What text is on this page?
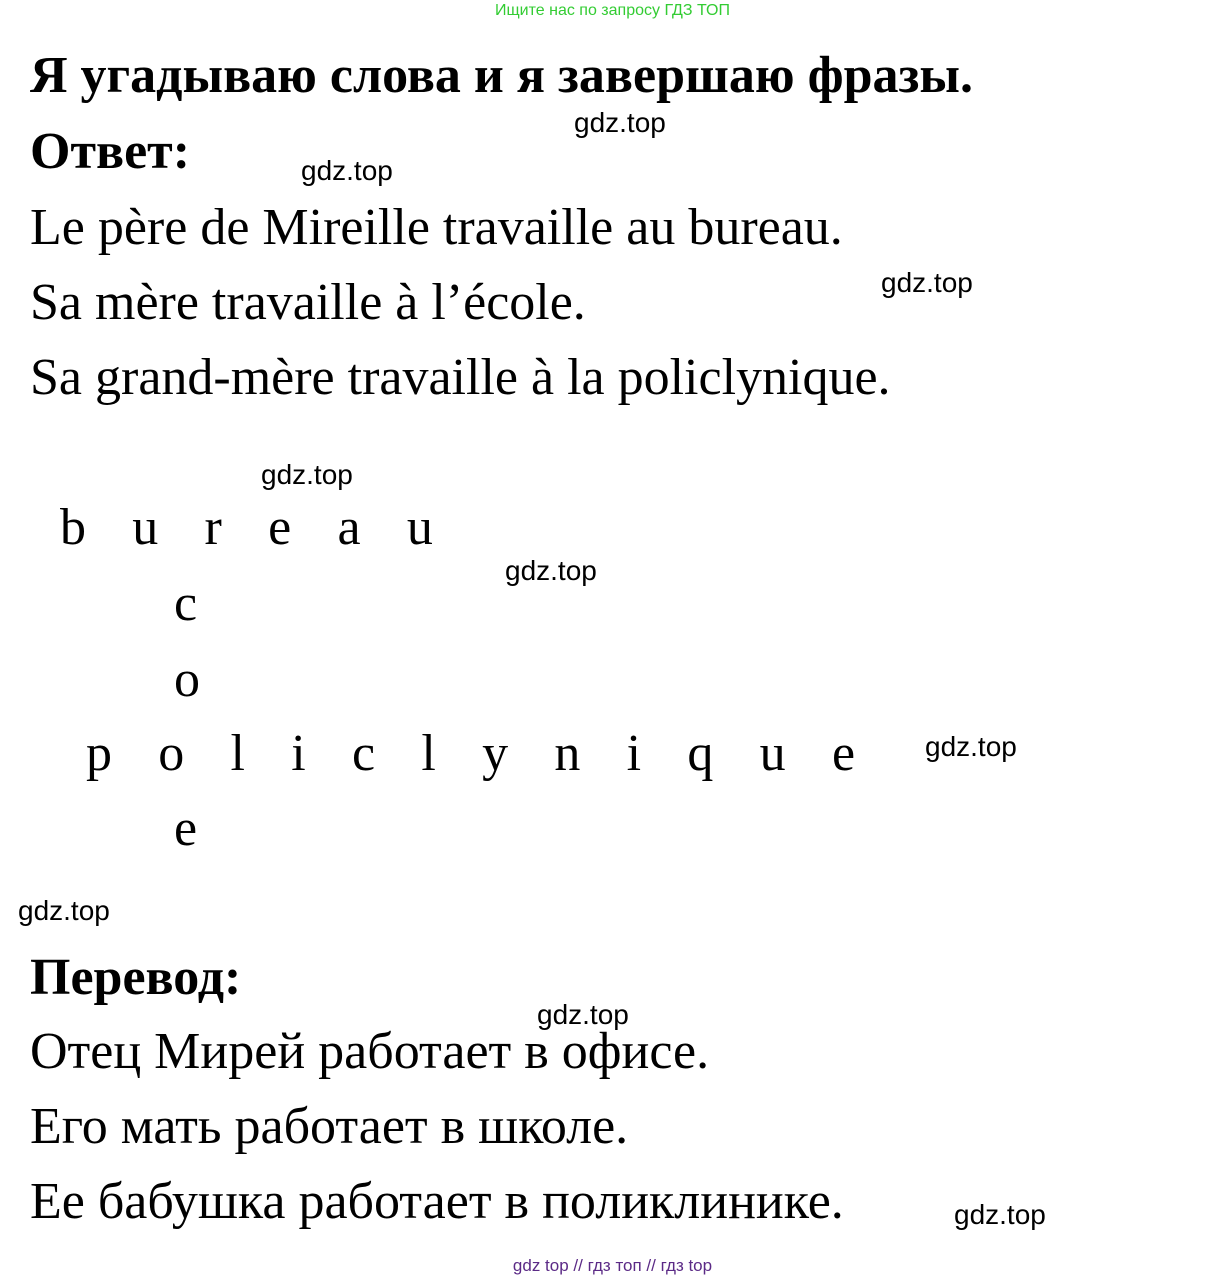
Ищите нас по запросу ГДЗ ТОП
Я угадываю слова и я завершаю фразы.
Ответ:
Le père de Mireille travaille au bureau.
Sa mère travaille à l’école.
Sa grand-mère travaille à la policlynique.
b u r e a u
c
o
p o l i c l y n i q u e
e
Перевод:
Отец Мирей работает в офисе.
Его мать работает в школе.
Ее бабушка работает в поликлинике.
gdz.top
gdz.top
gdz.top
gdz.top
gdz.top
gdz.top
gdz.top
gdz.top
gdz.top
gdz top // гдз топ // гдз top
